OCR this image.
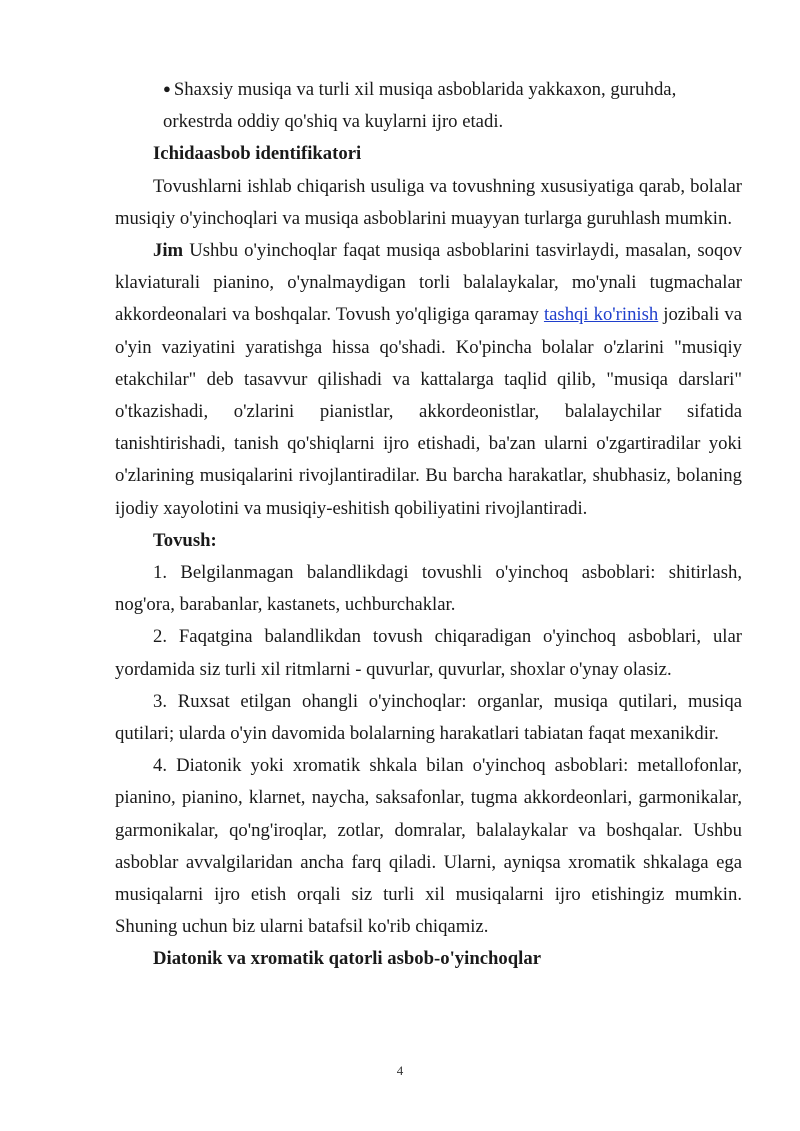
● Shaxsiy musiqa va turli xil musiqa asboblarida yakkaxon, guruhda,

orkestrda oddiy qo'shiq va kuylarni ijro etadi.

Ichidaasbob identifikatori

Tovushlarni ishlab chiqarish usuliga va tovushning xususiyatiga qarab, bolalar musiqiy o'yinchoqlari va musiqa asboblarini muayyan turlarga guruhlash mumkin.

Jim Ushbu o'yinchoqlar faqat musiqa asboblarini tasvirlaydi, masalan, soqov klaviaturali pianino, o'ynalmaydigan torli balalaykalar, mo'ynali tugmachalar akkordeonalari va boshqalar. Tovush yo'qligiga qaramay tashqi ko'rinish jozibali va o'yin vaziyatini yaratishga hissa qo'shadi. Ko'pincha bolalar o'zlarini "musiqiy etakchilar" deb tasavvur qilishadi va kattalarga taqlid qilib, "musiqa darslari" o'tkazishadi, o'zlarini pianistlar, akkordeonistlar, balalaychilar sifatida tanishtirishadi, tanish qo'shiqlarni ijro etishadi, ba'zan ularni o'zgartiradilar yoki o'zlarining musiqalarini rivojlantiradilar. Bu barcha harakatlar, shubhasiz, bolaning ijodiy xayolotini va musiqiy-eshitish qobiliyatini rivojlantiradi.

Tovush:

1. Belgilanmagan balandlikdagi tovushli o'yinchoq asboblari: shitirlash, nog'ora, barabanlar, kastanets, uchburchaklar.

2. Faqatgina balandlikdan tovush chiqaradigan o'yinchoq asboblari, ular yordamida siz turli xil ritmlarni - quvurlar, quvurlar, shoxlar o'ynay olasiz.

3. Ruxsat etilgan ohangli o'yinchoqlar: organlar, musiqa qutilari, musiqa qutilari; ularda o'yin davomida bolalarning harakatlari tabiatan faqat mexanikdir.

4. Diatonik yoki xromatik shkala bilan o'yinchoq asboblari: metallofonlar, pianino, pianino, klarnet, naycha, saksafonlar, tugma akkordeonlari, garmonikalar, garmonikalar, qo'ng'iroqlar, zotlar, domralar, balalaykalar va boshqalar. Ushbu asboblar avvalgilaridan ancha farq qiladi. Ularni, ayniqsa xromatik shkalaga ega musiqalarni ijro etish orqali siz turli xil musiqalarni ijro etishingiz mumkin. Shuning uchun biz ularni batafsil ko'rib chiqamiz.

Diatonik va xromatik qatorli asbob-o'yinchoqlar

4
